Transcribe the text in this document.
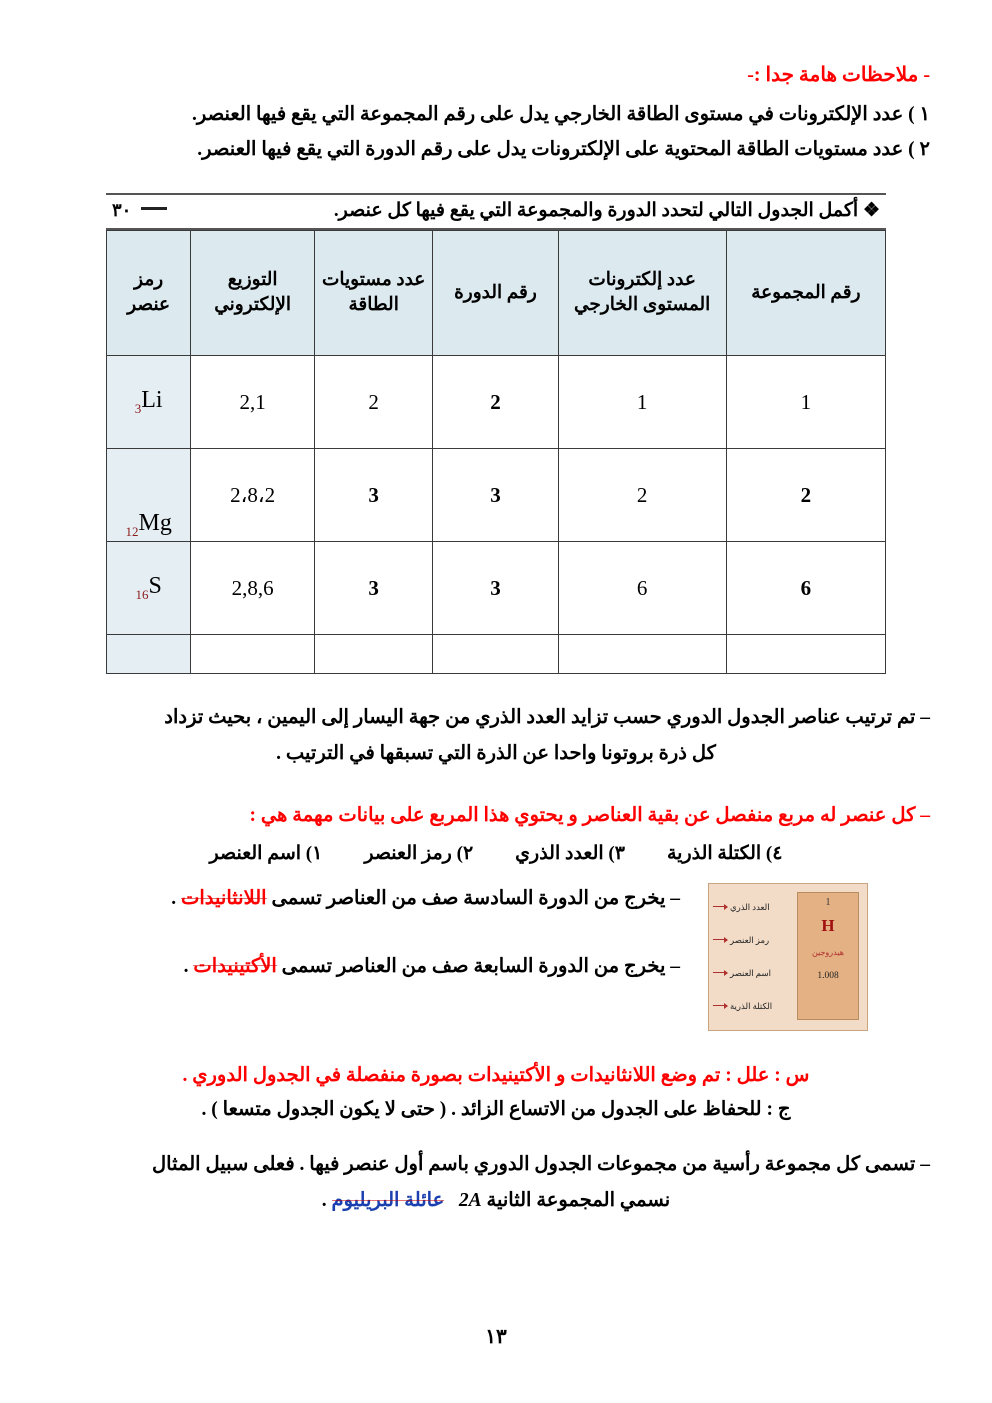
- ملاحظات هامة جدا :-
١ ) عدد الإلكترونات في مستوى الطاقة الخارجي يدل على رقم المجموعة التي يقع فيها العنصر.
٢ ) عدد مستويات الطاقة المحتوية على الإلكترونات يدل على رقم الدورة التي يقع فيها العنصر.
❖ أكمل الجدول التالي لتحدد الدورة والمجموعة التي يقع فيها كل عنصر.
٣٠
رقم المجموعة	عدد إلكترونات المستوى الخارجي	رقم الدورة	عدد مستويات الطاقة	التوزيع الإلكتروني	رمز عنصر
1	1	2	2	2,1	$_3$Li
2	2	3	3	2،8،2	$_{12}$Mg
6	6	3	3	2,8,6	$_{16}$S

– تم ترتيب عناصر الجدول الدوري حسب تزايد العدد الذري من جهة اليسار إلى اليمين ، بحيث تزداد
كل ذرة بروتونا واحدا عن الذرة التي تسبقها في الترتيب .
– كل عنصر له مربع منفصل عن بقية العناصر و يحتوي هذا المربع على بيانات مهمة هي :
٤) الكتلة الذرية
٣) العدد الذري
٢) رمز العنصر
١) اسم العنصر
العدد الذري
رمز العنصر
اسم العنصر
الكتلة الذرية
1
H
هيدروجين
1.008
– يخرج من الدورة السادسة صف من العناصر تسمى اللانثانيدات .
– يخرج من الدورة السابعة صف من العناصر تسمى الأكتينيدات .
س : علل : تم وضع اللانثانيدات و الأكتينيدات بصورة منفصلة في الجدول الدوري .
ج : للحفاظ على الجدول من الاتساع الزائد . ( حتى لا يكون الجدول متسعا ) .
– تسمى كل مجموعة رأسية من مجموعات الجدول الدوري باسم أول عنصر فيها . فعلى سبيل المثال
نسمي المجموعة الثانية 2A   عائلة البريليوم .
١٣
